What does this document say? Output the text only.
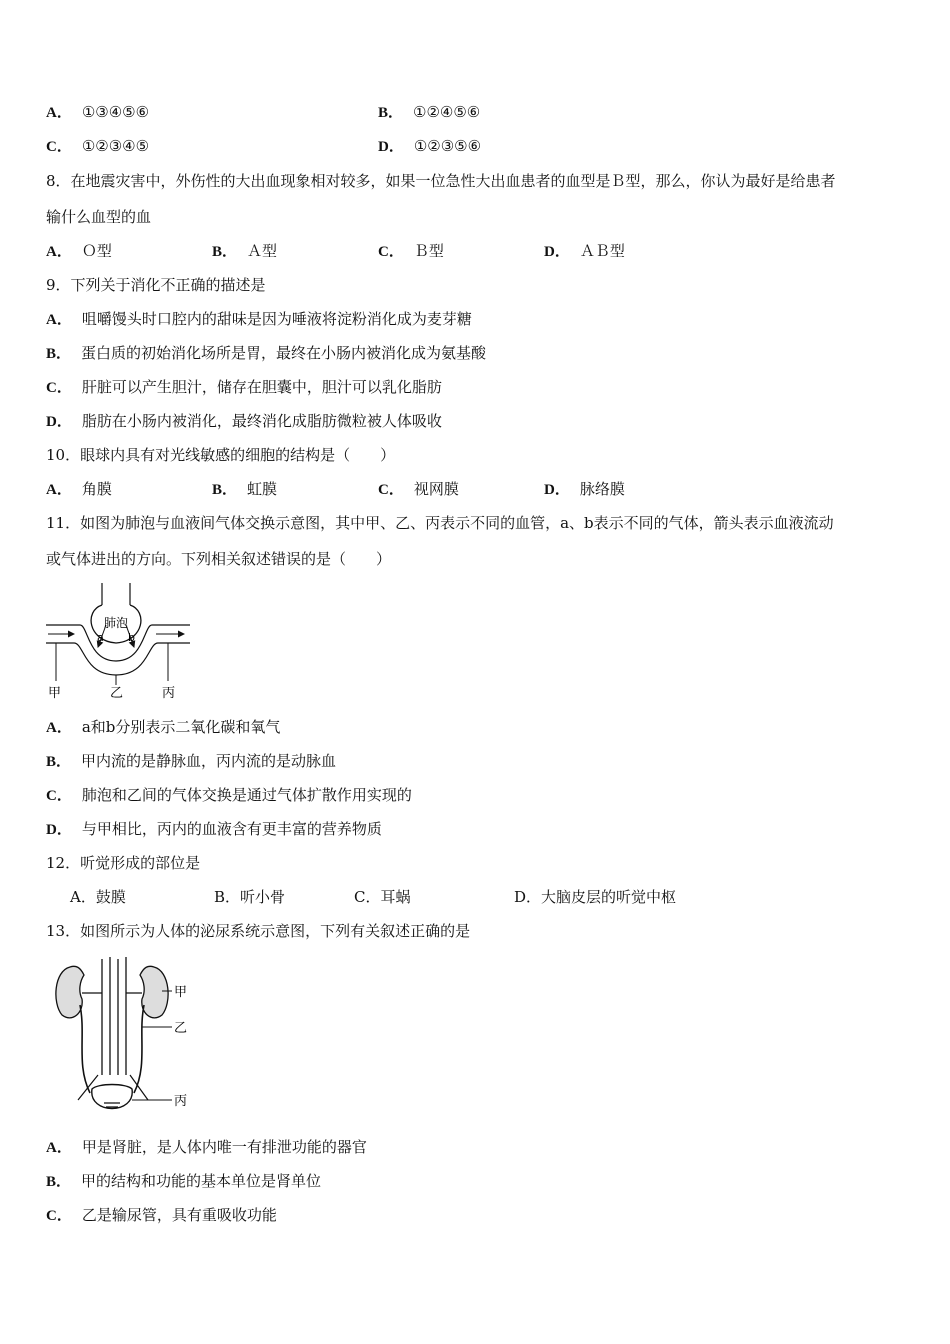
A． ①③④⑤⑥	B． ①②④⑤⑥
C． ①②③④⑤	D． ①②③⑤⑥
8．在地震灾害中，外伤性的大出血现象相对较多，如果一位急性大出血患者的血型是Ｂ型，那么，你认为最好是给患者
输什么血型的血
A． Ｏ型	B． Ａ型	C． Ｂ型	D． ＡＢ型
9．下列关于消化不正确的描述是
A． 咀嚼馒头时口腔内的甜味是因为唾液将淀粉消化成为麦芽糖
B． 蛋白质的初始消化场所是胃，最终在小肠内被消化成为氨基酸
C． 肝脏可以产生胆汁，储存在胆囊中，胆汁可以乳化脂肪
D． 脂肪在小肠内被消化，最终消化成脂肪微粒被人体吸收
10．眼球内具有对光线敏感的细胞的结构是（　　）
A． 角膜	B． 虹膜	C． 视网膜	D． 脉络膜
11．如图为肺泡与血液间气体交换示意图，其中甲、乙、丙表示不同的血管，a、b表示不同的气体，箭头表示血液流动
或气体进出的方向。下列相关叙述错误的是（　　）
肺泡
a b
甲	乙	丙
A． a和b分别表示二氧化碳和氧气
B． 甲内流的是静脉血，丙内流的是动脉血
C． 肺泡和乙间的气体交换是通过气体扩散作用实现的
D． 与甲相比，丙内的血液含有更丰富的营养物质
12．听觉形成的部位是
A．鼓膜	B．听小骨	C．耳蜗	D．大脑皮层的听觉中枢
13．如图所示为人体的泌尿系统示意图，下列有关叙述正确的是
甲
乙
丙
A． 甲是肾脏，是人体内唯一有排泄功能的器官
B． 甲的结构和功能的基本单位是肾单位
C． 乙是输尿管，具有重吸收功能
